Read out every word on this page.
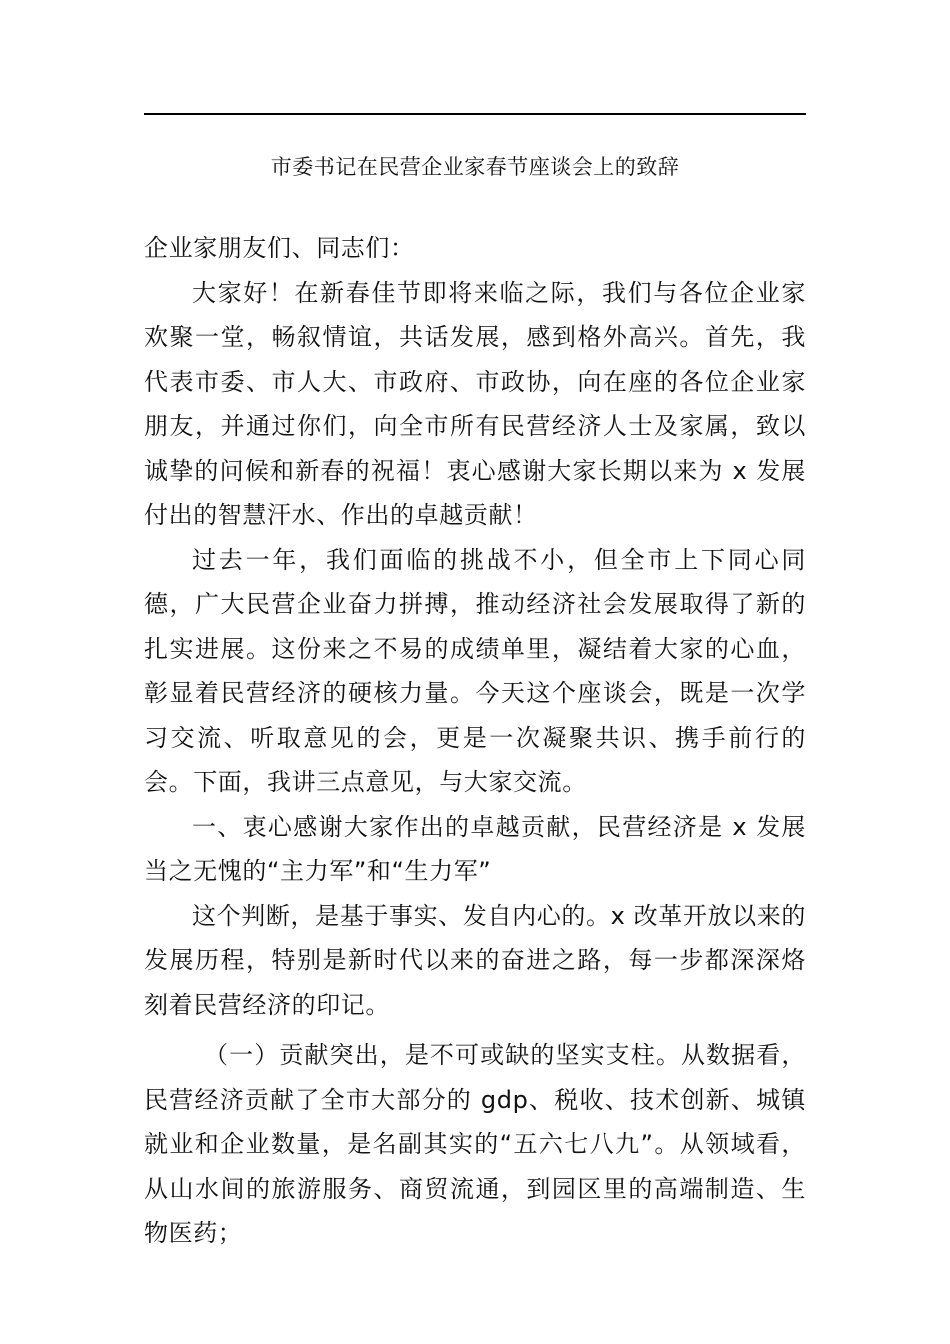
市委书记在民营企业家春节座谈会上的致辞

企业家朋友们、同志们：

大家好！在新春佳节即将来临之际，我们与各位企业家欢聚一堂，畅叙情谊，共话发展，感到格外高兴。首先，我代表市委、市人大、市政府、市政协，向在座的各位企业家朋友，并通过你们，向全市所有民营经济人士及家属，致以诚挚的问候和新春的祝福！衷心感谢大家长期以来为 x 发展付出的智慧汗水、作出的卓越贡献！

过去一年，我们面临的挑战不小，但全市上下同心同德，广大民营企业奋力拼搏，推动经济社会发展取得了新的扎实进展。这份来之不易的成绩单里，凝结着大家的心血，彰显着民营经济的硬核力量。今天这个座谈会，既是一次学习交流、听取意见的会，更是一次凝聚共识、携手前行的会。下面，我讲三点意见，与大家交流。

一、衷心感谢大家作出的卓越贡献，民营经济是 x 发展当之无愧的“主力军”和“生力军”

这个判断，是基于事实、发自内心的。x 改革开放以来的发展历程，特别是新时代以来的奋进之路，每一步都深深烙刻着民营经济的印记。

（一）贡献突出，是不可或缺的坚实支柱。从数据看，民营经济贡献了全市大部分的 gdp、税收、技术创新、城镇就业和企业数量，是名副其实的“五六七八九”。从领域看，从山水间的旅游服务、商贸流通，到园区里的高端制造、生物医药；
